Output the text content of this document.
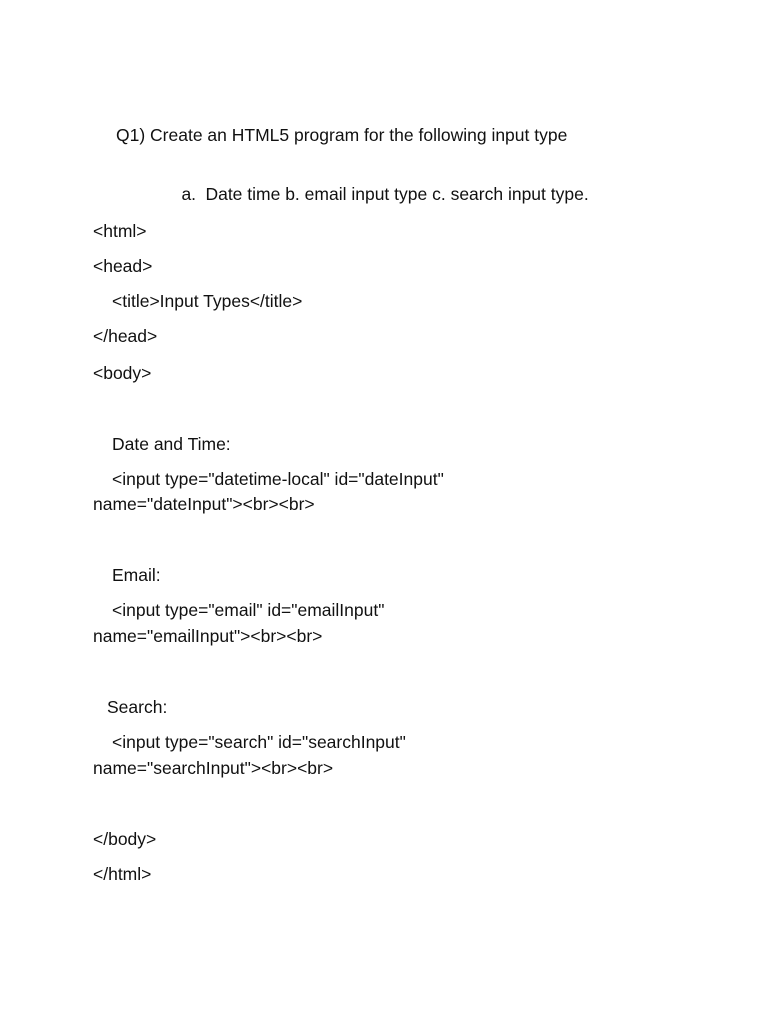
Q1) Create an HTML5 program for the following input type

a. Date time b. email input type c. search input type.

<html>
<head>
<title>Input Types</title>
</head>
<body>
Date and Time:
<input type="datetime-local" id="dateInput"
name="dateInput"><br><br>
Email:
<input type="email" id="emailInput"
name="emailInput"><br><br>
Search:
<input type="search" id="searchInput"
name="searchInput"><br><br>
</body>
</html>
